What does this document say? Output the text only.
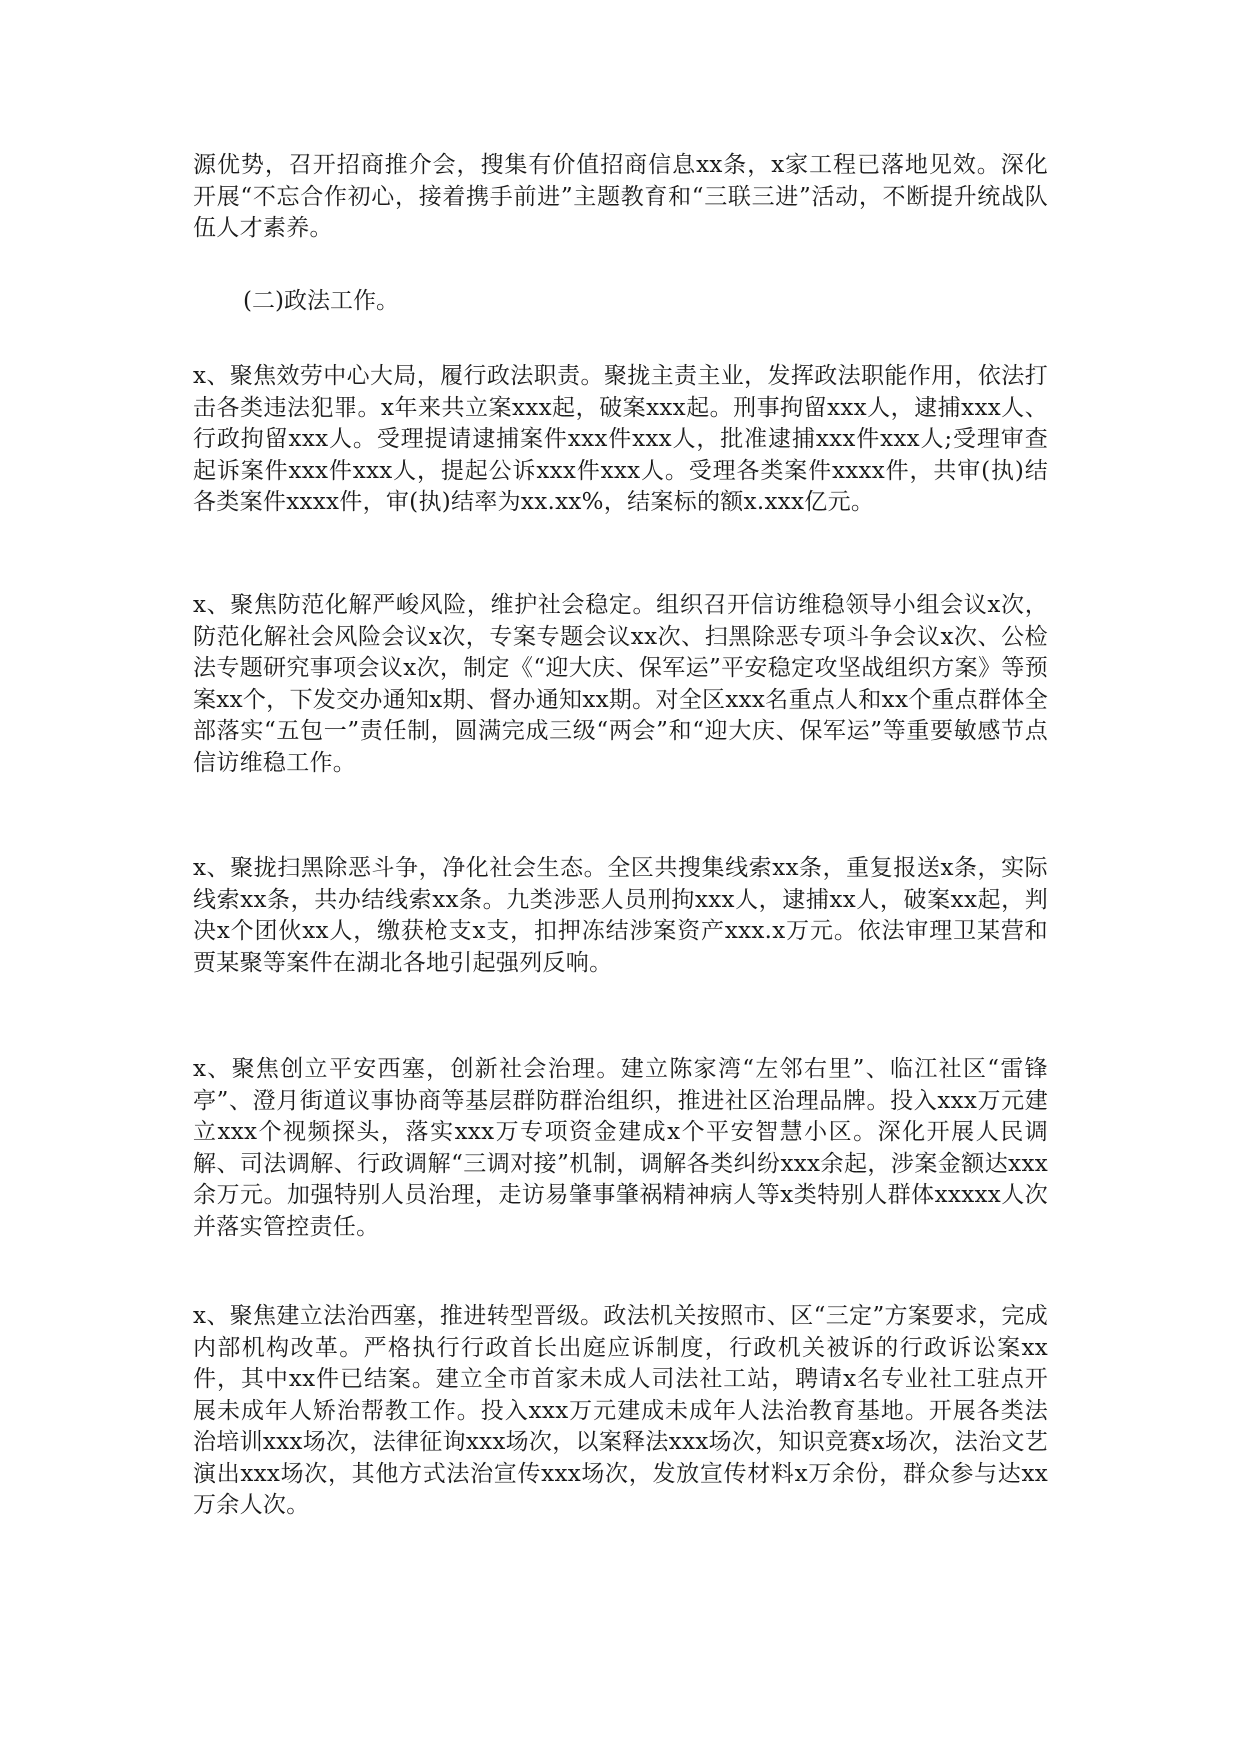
源优势，召开招商推介会，搜集有价值招商信息xx条，x家工程已落地见效。深化开展“不忘合作初心，接着携手前进”主题教育和“三联三进”活动，不断提升统战队伍人才素养。

(二)政法工作。

x、聚焦效劳中心大局，履行政法职责。聚拢主责主业，发挥政法职能作用，依法打击各类违法犯罪。x年来共立案xxx起，破案xxx起。刑事拘留xxx人，逮捕xxx人、行政拘留xxx人。受理提请逮捕案件xxx件xxx人，批准逮捕xxx件xxx人;受理审查起诉案件xxx件xxx人，提起公诉xxx件xxx人。受理各类案件xxxx件，共审(执)结各类案件xxxx件，审(执)结率为xx.xx%，结案标的额x.xxx亿元。

x、聚焦防范化解严峻风险，维护社会稳定。组织召开信访维稳领导小组会议x次，防范化解社会风险会议x次，专案专题会议xx次、扫黑除恶专项斗争会议x次、公检法专题研究事项会议x次，制定《“迎大庆、保军运”平安稳定攻坚战组织方案》等预案xx个，下发交办通知x期、督办通知xx期。对全区xxx名重点人和xx个重点群体全部落实“五包一”责任制，圆满完成三级“两会”和“迎大庆、保军运”等重要敏感节点信访维稳工作。

x、聚拢扫黑除恶斗争，净化社会生态。全区共搜集线索xx条，重复报送x条，实际线索xx条，共办结线索xx条。九类涉恶人员刑拘xxx人，逮捕xx人，破案xx起，判决x个团伙xx人，缴获枪支x支，扣押冻结涉案资产xxx.x万元。依法审理卫某营和贾某聚等案件在湖北各地引起强列反响。

x、聚焦创立平安西塞，创新社会治理。建立陈家湾“左邻右里”、临江社区“雷锋亭”、澄月街道议事协商等基层群防群治组织，推进社区治理品牌。投入xxx万元建立xxx个视频探头，落实xxx万专项资金建成x个平安智慧小区。深化开展人民调解、司法调解、行政调解“三调对接”机制，调解各类纠纷xxx余起，涉案金额达xxx余万元。加强特别人员治理，走访易肇事肇祸精神病人等x类特别人群体xxxxx人次并落实管控责任。

x、聚焦建立法治西塞，推进转型晋级。政法机关按照市、区“三定”方案要求，完成内部机构改革。严格执行行政首长出庭应诉制度，行政机关被诉的行政诉讼案xx件，其中xx件已结案。建立全市首家未成人司法社工站，聘请x名专业社工驻点开展未成年人矫治帮教工作。投入xxx万元建成未成年人法治教育基地。开展各类法治培训xxx场次，法律征询xxx场次，以案释法xxx场次，知识竞赛x场次，法治文艺演出xxx场次，其他方式法治宣传xxx场次，发放宣传材料x万余份，群众参与达xx万余人次。
